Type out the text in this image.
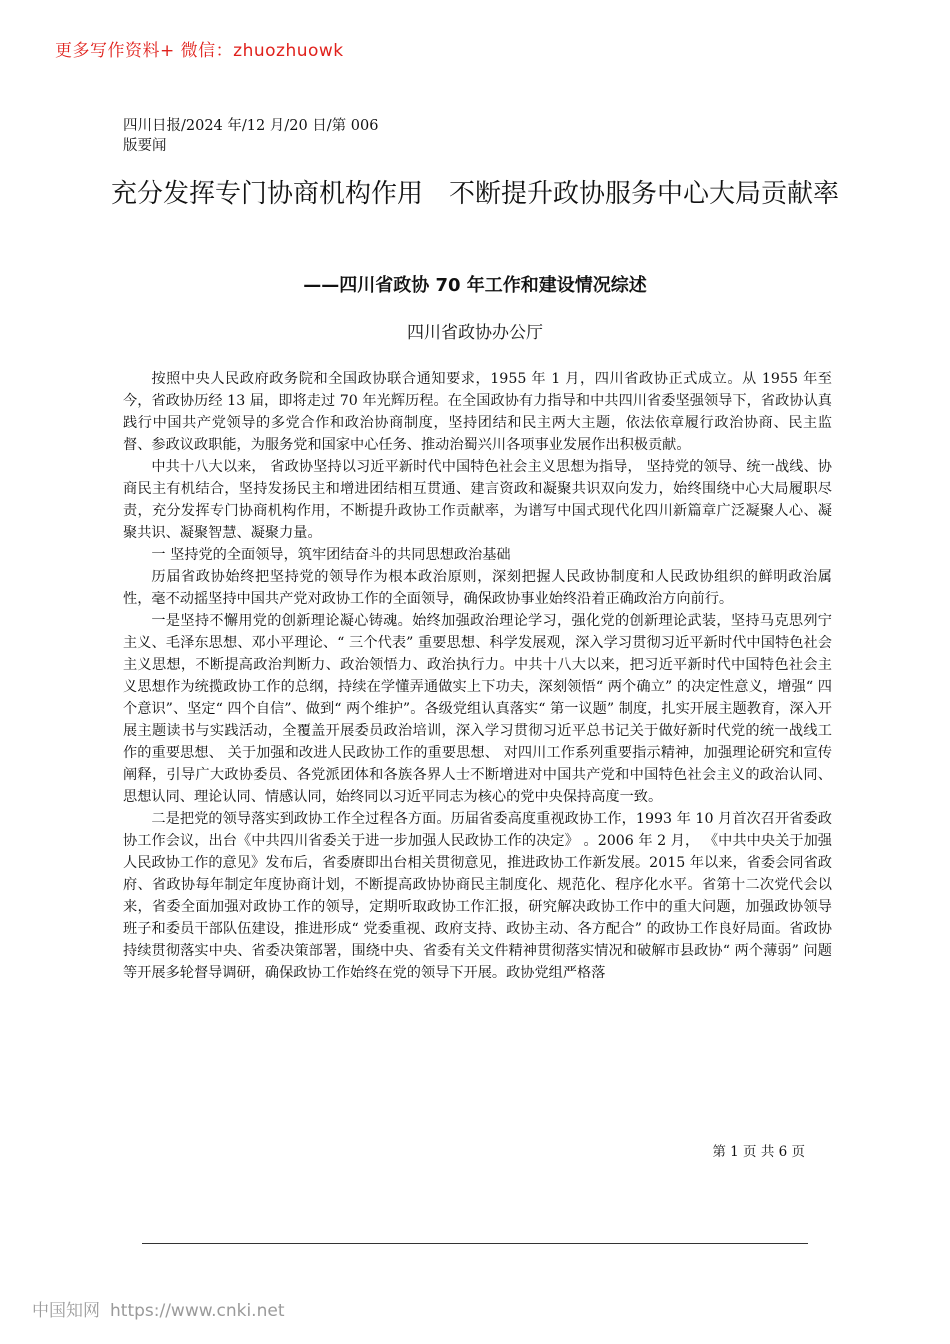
更多写作资料+ 微信：zhuozhuowk
四川日报/2024 年/12 月/20 日/第 006
版要闻
充分发挥专门协商机构作用　不断提升政协服务中心大局贡献率
——四川省政协 70 年工作和建设情况综述
四川省政协办公厅

按照中央人民政府政务院和全国政协联合通知要求，1955 年 1 月，四川省政协正式成立。从 1955 年至今，省政协历经 13 届，即将走过 70 年光辉历程。在全国政协有力指导和中共四川省委坚强领导下，省政协认真践行中国共产党领导的多党合作和政治协商制度，坚持团结和民主两大主题，依法依章履行政治协商、民主监督、参政议政职能，为服务党和国家中心任务、推动治蜀兴川各项事业发展作出积极贡献。

中共十八大以来， 省政协坚持以习近平新时代中国特色社会主义思想为指导， 坚持党的领导、统一战线、协商民主有机结合，坚持发扬民主和增进团结相互贯通、建言资政和凝聚共识双向发力，始终围绕中心大局履职尽责，充分发挥专门协商机构作用，不断提升政协工作贡献率，为谱写中国式现代化四川新篇章广泛凝聚人心、凝聚共识、凝聚智慧、凝聚力量。

一 坚持党的全面领导，筑牢团结奋斗的共同思想政治基础

历届省政协始终把坚持党的领导作为根本政治原则，深刻把握人民政协制度和人民政协组织的鲜明政治属性，毫不动摇坚持中国共产党对政协工作的全面领导，确保政协事业始终沿着正确政治方向前行。

一是坚持不懈用党的创新理论凝心铸魂。始终加强政治理论学习，强化党的创新理论武装，坚持马克思列宁主义、毛泽东思想、邓小平理论、“ 三个代表” 重要思想、科学发展观，深入学习贯彻习近平新时代中国特色社会主义思想，不断提高政治判断力、政治领悟力、政治执行力。中共十八大以来，把习近平新时代中国特色社会主义思想作为统揽政协工作的总纲，持续在学懂弄通做实上下功夫，深刻领悟“ 两个确立” 的决定性意义，增强“ 四个意识”、坚定“ 四个自信”、做到“ 两个维护”。各级党组认真落实“ 第一议题” 制度，扎实开展主题教育，深入开展主题读书与实践活动，全覆盖开展委员政治培训，深入学习贯彻习近平总书记关于做好新时代党的统一战线工作的重要思想、 关于加强和改进人民政协工作的重要思想、 对四川工作系列重要指示精神，加强理论研究和宣传阐释，引导广大政协委员、各党派团体和各族各界人士不断增进对中国共产党和中国特色社会主义的政治认同、思想认同、理论认同、情感认同，始终同以习近平同志为核心的党中央保持高度一致。

二是把党的领导落实到政协工作全过程各方面。历届省委高度重视政协工作，1993 年 10 月首次召开省委政协工作会议，出台《中共四川省委关于进一步加强人民政协工作的决定》 。2006 年 2 月， 《中共中央关于加强人民政协工作的意见》发布后，省委赓即出台相关贯彻意见，推进政协工作新发展。2015 年以来，省委会同省政府、省政协每年制定年度协商计划，不断提高政协协商民主制度化、规范化、程序化水平。省第十二次党代会以来，省委全面加强对政协工作的领导，定期听取政协工作汇报，研究解决政协工作中的重大问题，加强政协领导班子和委员干部队伍建设，推进形成“ 党委重视、政府支持、政协主动、各方配合” 的政协工作良好局面。省政协持续贯彻落实中央、省委决策部署，围绕中央、省委有关文件精神贯彻落实情况和破解市县政协“ 两个薄弱” 问题等开展多轮督导调研，确保政协工作始终在党的领导下开展。政协党组严格落

第 1 页 共 6 页
中国知网 https://www.cnki.net
